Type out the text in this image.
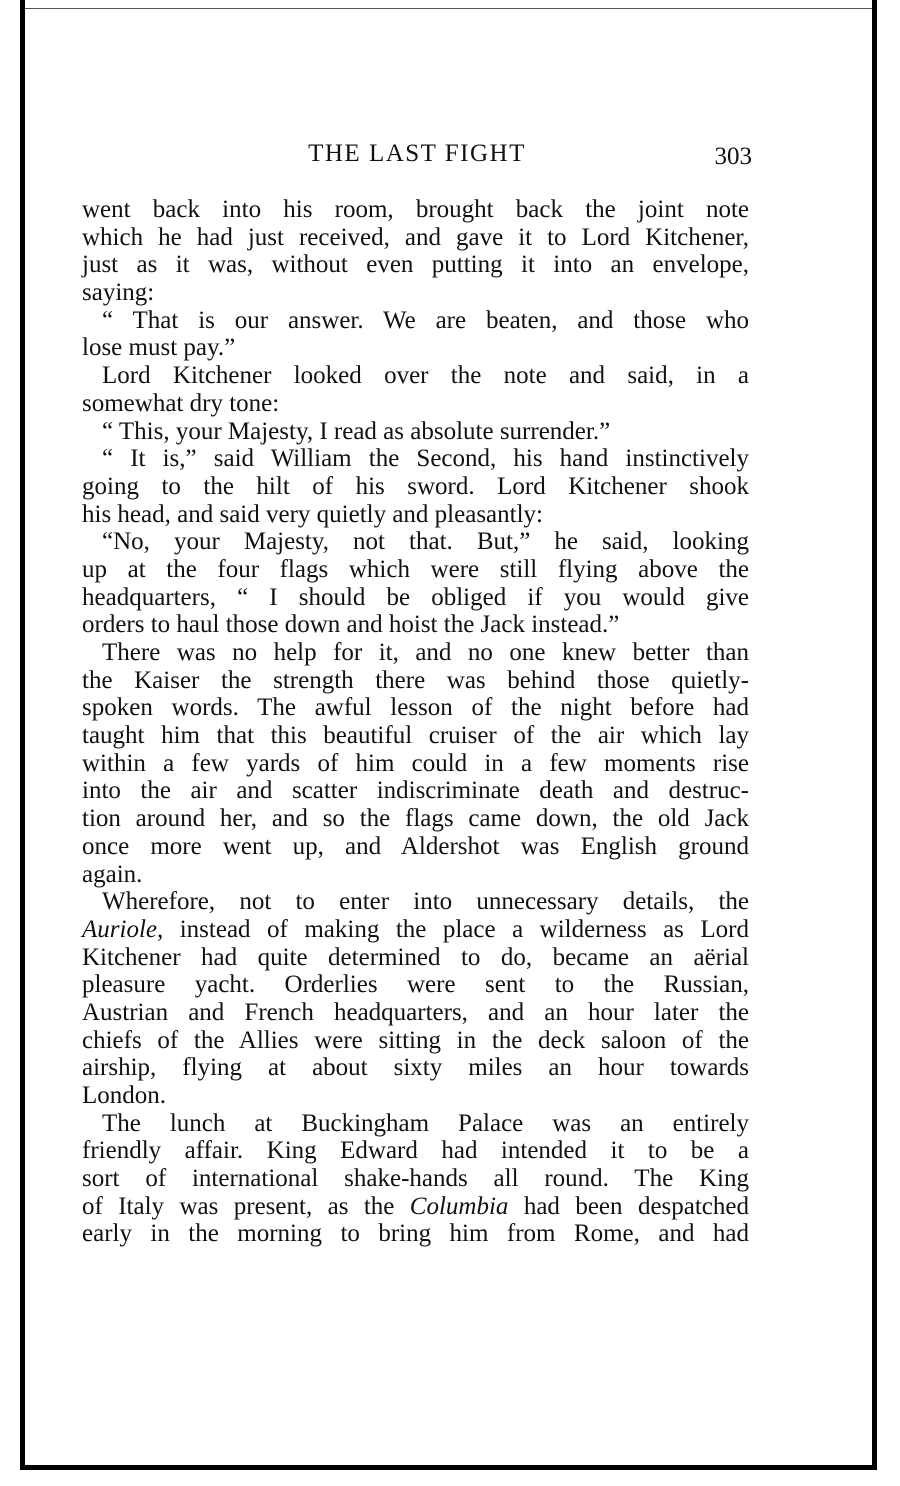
THE LAST FIGHT	303
went back into his room, brought back the joint note
which he had just received, and gave it to Lord Kitchener,
just as it was, without even putting it into an envelope,
saying:
“ That is our answer. We are beaten, and those who
lose must pay.”
Lord Kitchener looked over the note and said, in a
somewhat dry tone:
“ This, your Majesty, I read as absolute surrender.”
“ It is,” said William the Second, his hand instinctively
going to the hilt of his sword. Lord Kitchener shook
his head, and said very quietly and pleasantly:
“No, your Majesty, not that. But,” he said, looking
up at the four flags which were still flying above the
headquarters, “ I should be obliged if you would give
orders to haul those down and hoist the Jack instead.”
There was no help for it, and no one knew better than
the Kaiser the strength there was behind those quietly-
spoken words. The awful lesson of the night before had
taught him that this beautiful cruiser of the air which lay
within a few yards of him could in a few moments rise
into the air and scatter indiscriminate death and destruc-
tion around her, and so the flags came down, the old Jack
once more went up, and Aldershot was English ground
again.
Wherefore, not to enter into unnecessary details, the
Auriole, instead of making the place a wilderness as Lord
Kitchener had quite determined to do, became an aërial
pleasure yacht. Orderlies were sent to the Russian,
Austrian and French headquarters, and an hour later the
chiefs of the Allies were sitting in the deck saloon of the
airship, flying at about sixty miles an hour towards
London.
The lunch at Buckingham Palace was an entirely
friendly affair. King Edward had intended it to be a
sort of international shake-hands all round. The King
of Italy was present, as the Columbia had been despatched
early in the morning to bring him from Rome, and had
